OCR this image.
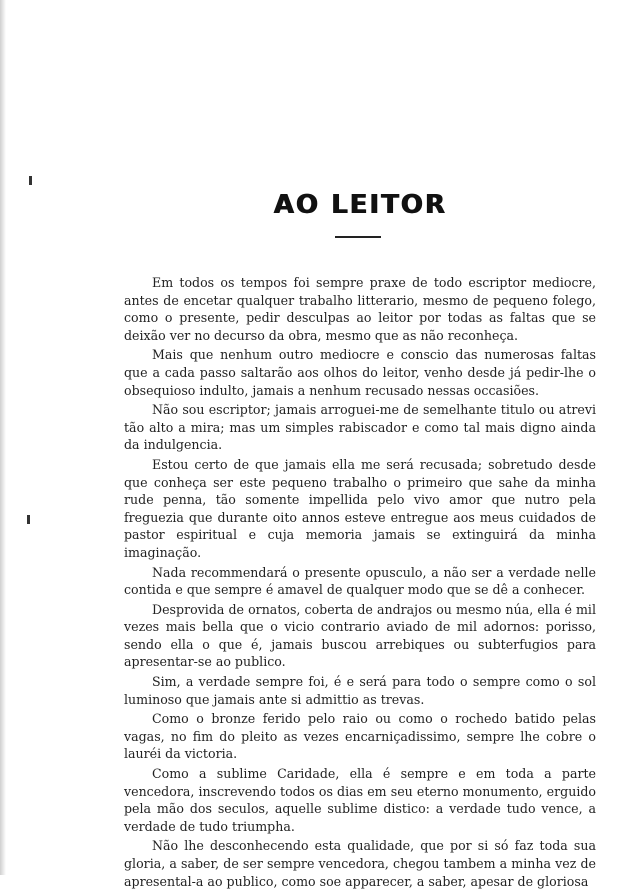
AO LEITOR

Em todos os tempos foi sempre praxe de todo escriptor mediocre, antes de encetar qualquer trabalho litterario, mesmo de pequeno folego, como o presente, pedir desculpas ao leitor por todas as faltas que se deixão ver no decurso da obra, mesmo que as não reconheça.

Mais que nenhum outro mediocre e conscio das numerosas faltas que a cada passo saltarão aos olhos do leitor, venho desde já pedir-lhe o obsequioso indulto, jamais a nenhum recusado nessas occasiões.

Não sou escriptor; jamais arroguei-me de semelhante titulo ou atrevi tão alto a mira; mas um simples rabiscador e como tal mais digno ainda da indulgencia.

Estou certo de que jamais ella me será recusada; sobretudo desde que conheça ser este pequeno trabalho o primeiro que sahe da minha rude penna, tão somente impellida pelo vivo amor que nutro pela freguezia que durante oito annos esteve entregue aos meus cuidados de pastor espiritual e cuja memoria jamais se extinguirá da minha imaginação.

Nada recommendará o presente opusculo, a não ser a verdade nelle contida e que sempre é amavel de qualquer modo que se dê a conhecer.

Desprovida de ornatos, coberta de andrajos ou mesmo núa, ella é mil vezes mais bella que o vicio contrario aviado de mil adornos: porisso, sendo ella o que é, jamais buscou arrebiques ou subterfugios para apresentar-se ao publico.

Sim, a verdade sempre foi, é e será para todo o sempre como o sol luminoso que jamais ante si admittio as trevas.

Como o bronze ferido pelo raio ou como o rochedo batido pelas vagas, no fim do pleito as vezes encarniçadissimo, sempre lhe cobre o lauréi da victoria.

Como a sublime Caridade, ella é sempre e em toda a parte vencedora, inscrevendo todos os dias em seu eterno monumento, erguido pela mão dos seculos, aquelle sublime distico: a verdade tudo vence, a verdade de tudo triumpha.

Não lhe desconhecendo esta qualidade, que por si só faz toda sua gloria, a saber, de ser sempre vencedora, chegou tambem a minha vez de apresental-a ao publico, como soe apparecer, a saber, apesar de gloriosa
